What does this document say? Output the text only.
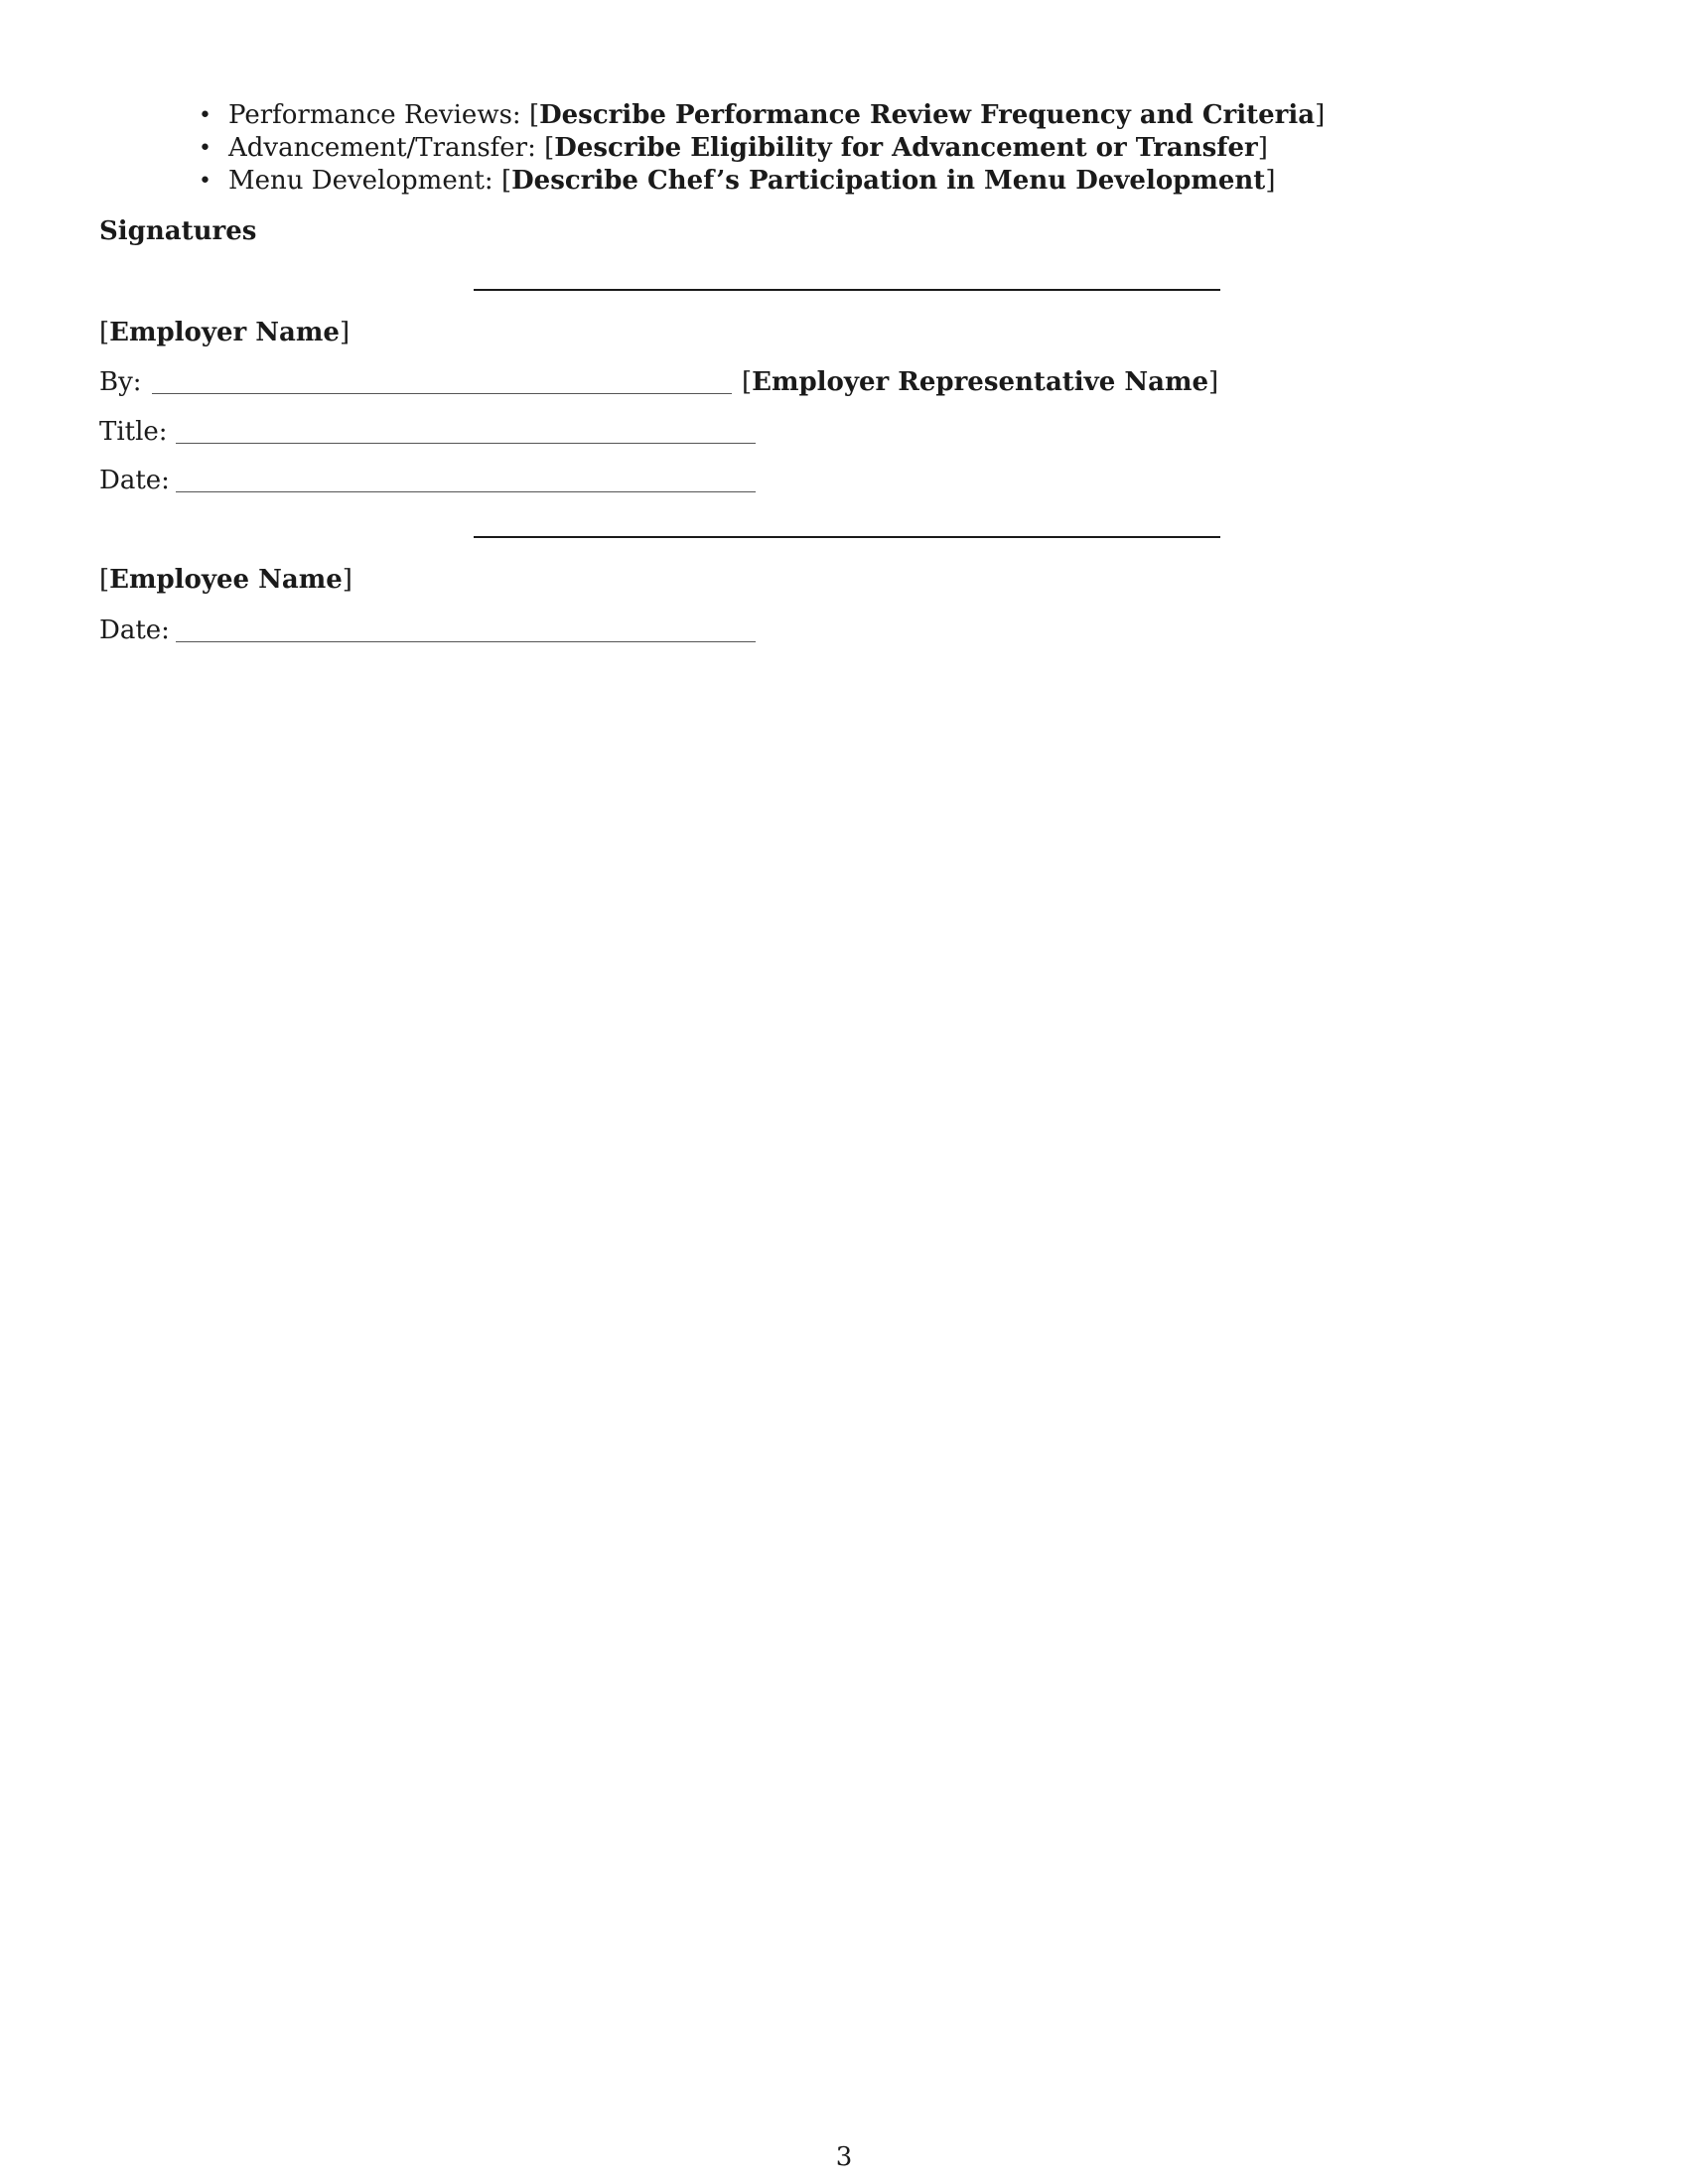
• Performance Reviews: [Describe Performance Review Frequency and Criteria]
• Advancement/Transfer: [Describe Eligibility for Advancement or Transfer]
• Menu Development: [Describe Chef’s Participation in Menu Development]
Signatures
[Employer Name]
By:	[Employer Representative Name]
Title:
Date:
[Employee Name]
Date:
3
